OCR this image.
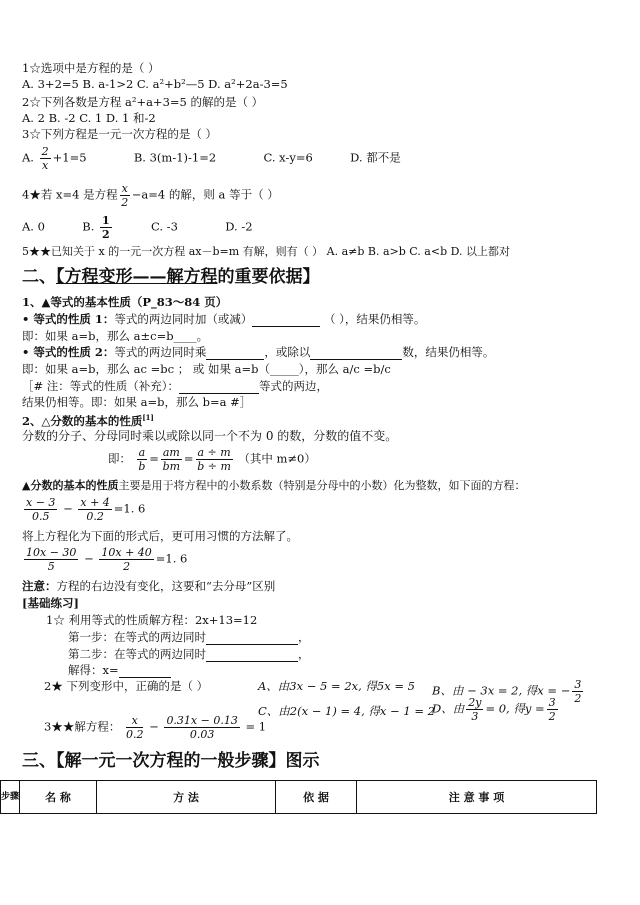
1☆选项中是方程的是（ ）
A. 3+2=5 B. a-1>2 C. a²+b²—5 D. a²+2a-3=5
2☆下列各数是方程 a²+a+3=5 的解的是（ ）
A. 2 B. -2 C. 1 D. 1 和-2
3☆下列方程是一元一次方程的是（ ）
A. $\frac{2}{x} +1=5$	B. 3(m-1)-1=2	C. x-y=6	D. 都不是
4★若 x=4 是方程 $\frac{x}{2} -a=4$ 的解，则 a 等于（ ）
A. 0	B. $\frac{1}{2}$	C. -3	D. -2
5★★已知关于 x 的一元一次方程 ax－b=m 有解，则有（ ） A. a≠b B. a>b C. a<b D. 以上都对
二、【方程变形——解方程的重要依据】
1、▲等式的基本性质（P_83～84 页）
• 等式的性质 1：等式的两边同时加（或减）	（ ），结果仍相等。
即：如果 a=b，那么 a±c=b____。
• 等式的性质 2：等式的两边同时乘	，或除以	数，结果仍相等。
即：如果 a=b，那么 ac =bc ； 或 如果 a=b（_____），那么 a/c =b/c
［# 注：等式的性质（补充）：	等式的两边，
结果仍相等。即：如果 a=b，那么 b=a #］
2、△分数的基本的性质[1]
分数的分子、分母同时乘以或除以同一个不为 0 的数，分数的值不变。
即： $\frac{a}{b} = \frac{am}{bm} = \frac{a \div m}{b \div m}$ （其中 m≠0）
▲分数的基本的性质主要是用于将方程中的小数系数（特别是分母中的小数）化为整数，如下面的方程：
$\frac{x - 3}{0.5} - \frac{x + 4}{0.2} =1$. 6
将上方程化为下面的形式后，更可用习惯的方法解了。
$\frac{10x - 30}{5} - \frac{10x + 40}{2} =1$. 6
注意：方程的右边没有变化，这要和“去分母”区别
[基础练习]
1☆ 利用等式的性质解方程：2x+13=12
第一步：在等式的两边同时	，
第二步：在等式的两边同时	，
解得：x=
2★ 下列变形中，正确的是（ ）	A、由3x − 5 = 2x, 得5x = 5 B、由 − 3x = 2, 得x = − $\frac{3}{2}$
C、由2(x − 1) = 4, 得x − 1 = 2
D、由 $\frac{2y}{3} = 0$, 得$y = \frac{3}{2}$
3★★解方程： $\frac{x}{0.2} - \frac{0.31x - 0.13}{0.03} = 1$
三、【解一元一次方程的一般步骤】图示
步骤	名 称	方 法	依 据	注 意 事 项
